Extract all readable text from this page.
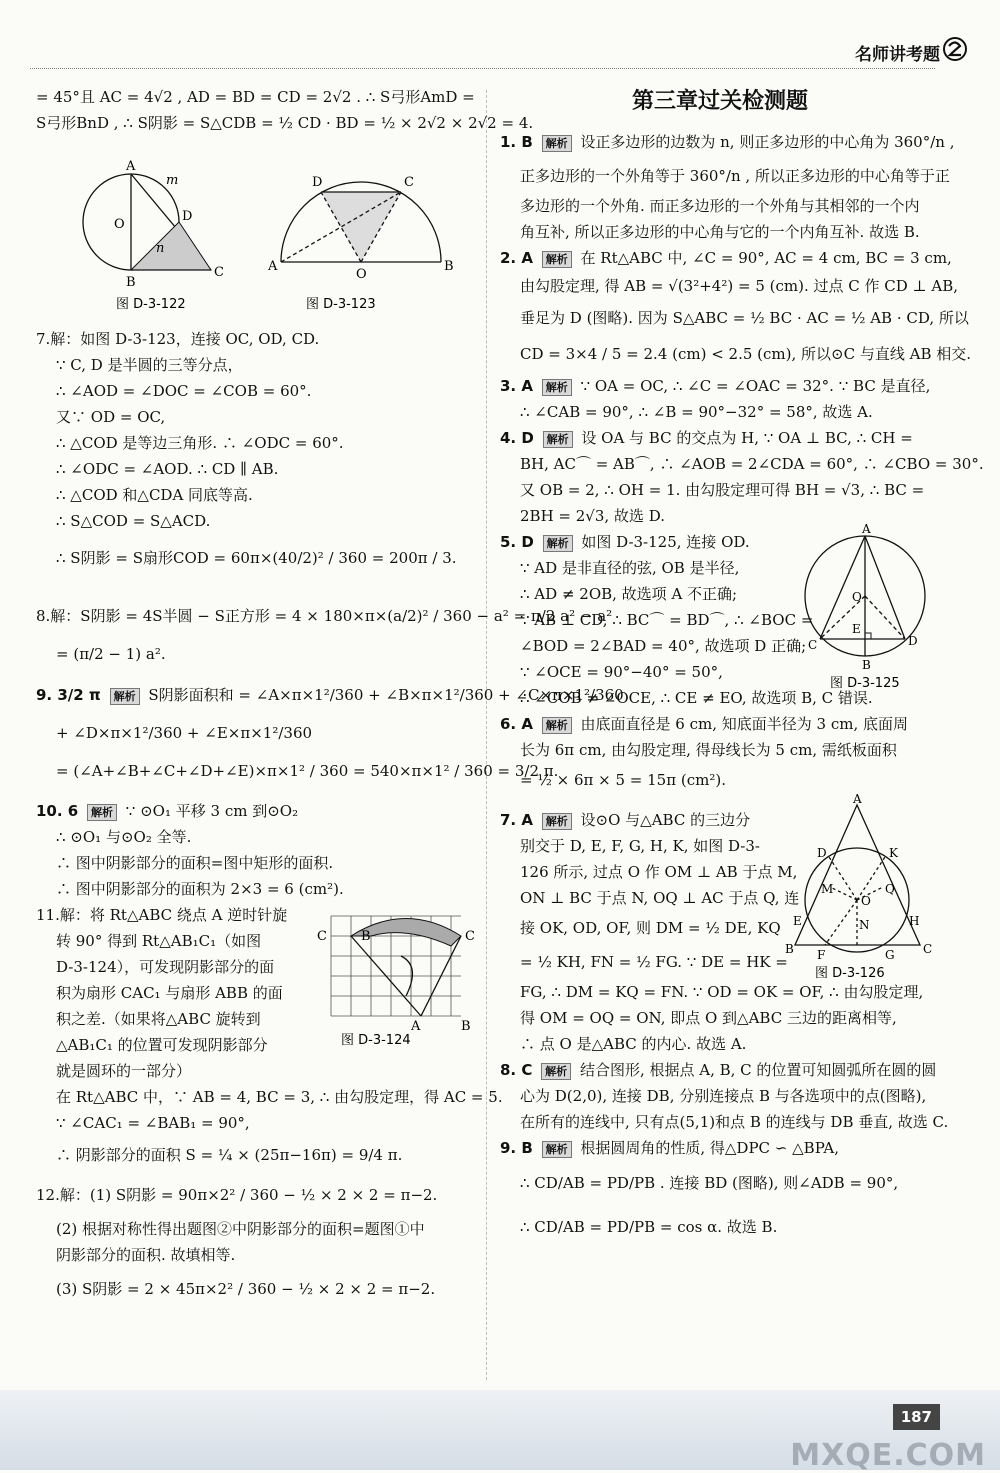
名师讲考题
= 45°且 AC = 4√2 , AD = BD = CD = 2√2 . ∴ S弓形AmD =
S弓形BnD , ∴ S阴影 = S△CDB = ½ CD · BD = ½ × 2√2 × 2√2 = 4.
A
m
O
D
n
B
C
图 D-3-122
D	C
A
O
B
图 D-3-123
7.解：如图 D-3-123，连接 OC, OD, CD.
∵ C, D 是半圆的三等分点，
∴ ∠AOD = ∠DOC = ∠COB = 60°.
又∵ OD = OC,
∴ △COD 是等边三角形. ∴ ∠ODC = 60°.
∴ ∠ODC = ∠AOD. ∴ CD ∥ AB.
∴ △COD 和△CDA 同底等高.
∴ S△COD = S△ACD.
∴ S阴影 = S扇形COD = 60π×(40/2)² / 360 = 200π / 3.
8.解：S阴影 = 4S半圆 − S正方形 = 4 × 180×π×(a/2)² / 360 − a² = π/2 a² − a²
= (π/2 − 1) a².
9. 3/2 π 解析 S阴影面积和 = ∠A×π×1²/360 + ∠B×π×1²/360 + ∠C×π×1²/360
+ ∠D×π×1²/360 + ∠E×π×1²/360
= (∠A+∠B+∠C+∠D+∠E)×π×1² / 360 = 540×π×1² / 360 = 3/2 π.
10. 6 解析 ∵ ⊙O₁ 平移 3 cm 到⊙O₂
∴ ⊙O₁ 与⊙O₂ 全等.
∴ 图中阴影部分的面积=图中矩形的面积.
∴ 图中阴影部分的面积为 2×3 = 6 (cm²).
11.解：将 Rt△ABC 绕点 A 逆时针旋
转 90° 得到 Rt△AB₁C₁（如图
D-3-124），可发现阴影部分的面
积为扇形 CAC₁ 与扇形 ABB 的面
积之差.（如果将△ABC 旋转到
△AB₁C₁ 的位置可发现阴影部分
就是圆环的一部分）
C	B	C
A	B
图 D-3-124
在 Rt△ABC 中，∵ AB = 4, BC = 3, ∴ 由勾股定理，得 AC = 5.
∵ ∠CAC₁ = ∠BAB₁ = 90°,
∴ 阴影部分的面积 S = ¼ × (25π−16π) = 9/4 π.
12.解：(1) S阴影 = 90π×2² / 360 − ½ × 2 × 2 = π−2.
(2) 根据对称性得出题图②中阴影部分的面积=题图①中
阴影部分的面积. 故填相等.
(3) S阴影 = 2 × 45π×2² / 360 − ½ × 2 × 2 = π−2.
第三章过关检测题
1. B 解析 设正多边形的边数为 n, 则正多边形的中心角为 360°/n ,
正多边形的一个外角等于 360°/n , 所以正多边形的中心角等于正
多边形的一个外角. 而正多边形的一个外角与其相邻的一个内
角互补, 所以正多边形的中心角与它的一个内角互补. 故选 B.
2. A 解析 在 Rt△ABC 中, ∠C = 90°, AC = 4 cm, BC = 3 cm,
由勾股定理, 得 AB = √(3²+4²) = 5 (cm). 过点 C 作 CD ⊥ AB,
垂足为 D (图略). 因为 S△ABC = ½ BC · AC = ½ AB · CD, 所以
CD = 3×4 / 5 = 2.4 (cm) < 2.5 (cm), 所以⊙C 与直线 AB 相交.
3. A 解析 ∵ OA = OC, ∴ ∠C = ∠OAC = 32°. ∵ BC 是直径,
∴ ∠CAB = 90°, ∴ ∠B = 90°−32° = 58°, 故选 A.
4. D 解析 设 OA 与 BC 的交点为 H, ∵ OA ⊥ BC, ∴ CH =
BH, AC⌒ = AB⌒, ∴ ∠AOB = 2∠CDA = 60°, ∴ ∠CBO = 30°.
又 OB = 2, ∴ OH = 1. 由勾股定理可得 BH = √3, ∴ BC =
2BH = 2√3, 故选 D.
5. D 解析 如图 D-3-125, 连接 OD.
∵ AD 是非直径的弦, OB 是半径,
∴ AD ≠ 2OB, 故选项 A 不正确;
∵ AB ⊥ CD, ∴ BC⌒ = BD⌒, ∴ ∠BOC =
∠BOD = 2∠BAD = 40°, 故选项 D 正确;
∵ ∠OCE = 90°−40° = 50°,
∴ ∠COB ≠ ∠OCE, ∴ CE ≠ EO, 故选项 B, C 错误.
A
O
E
C	D
B
图 D-3-125
6. A 解析 由底面直径是 6 cm, 知底面半径为 3 cm, 底面周
长为 6π cm, 由勾股定理, 得母线长为 5 cm, 需纸板面积
= ½ × 6π × 5 = 15π (cm²).
7. A 解析 设⊙O 与△ABC 的三边分
别交于 D, E, F, G, H, K, 如图 D-3-
126 所示, 过点 O 作 OM ⊥ AB 于点 M,
ON ⊥ BC 于点 N, OQ ⊥ AC 于点 Q, 连
接 OK, OD, OF, 则 DM = ½ DE, KQ
= ½ KH, FN = ½ FG. ∵ DE = HK =
FG, ∴ DM = KQ = FN. ∵ OD = OK = OF, ∴ 由勾股定理,
得 OM = OQ = ON, 即点 O 到△ABC 三边的距离相等,
∴ 点 O 是△ABC 的内心. 故选 A.
A
D	K
M	Q
O
N
E	H
B F	G C
图 D-3-126
8. C 解析 结合图形, 根据点 A, B, C 的位置可知圆弧所在圆的圆
心为 D(2,0), 连接 DB, 分别连接点 B 与各选项中的点(图略),
在所有的连线中, 只有点(5,1)和点 B 的连线与 DB 垂直, 故选 C.
9. B 解析 根据圆周角的性质, 得△DPC ∽ △BPA,
∴ CD/AB = PD/PB . 连接 BD (图略), 则∠ADB = 90°,
∴ CD/AB = PD/PB = cos α. 故选 B.
187
MXQE.COM
